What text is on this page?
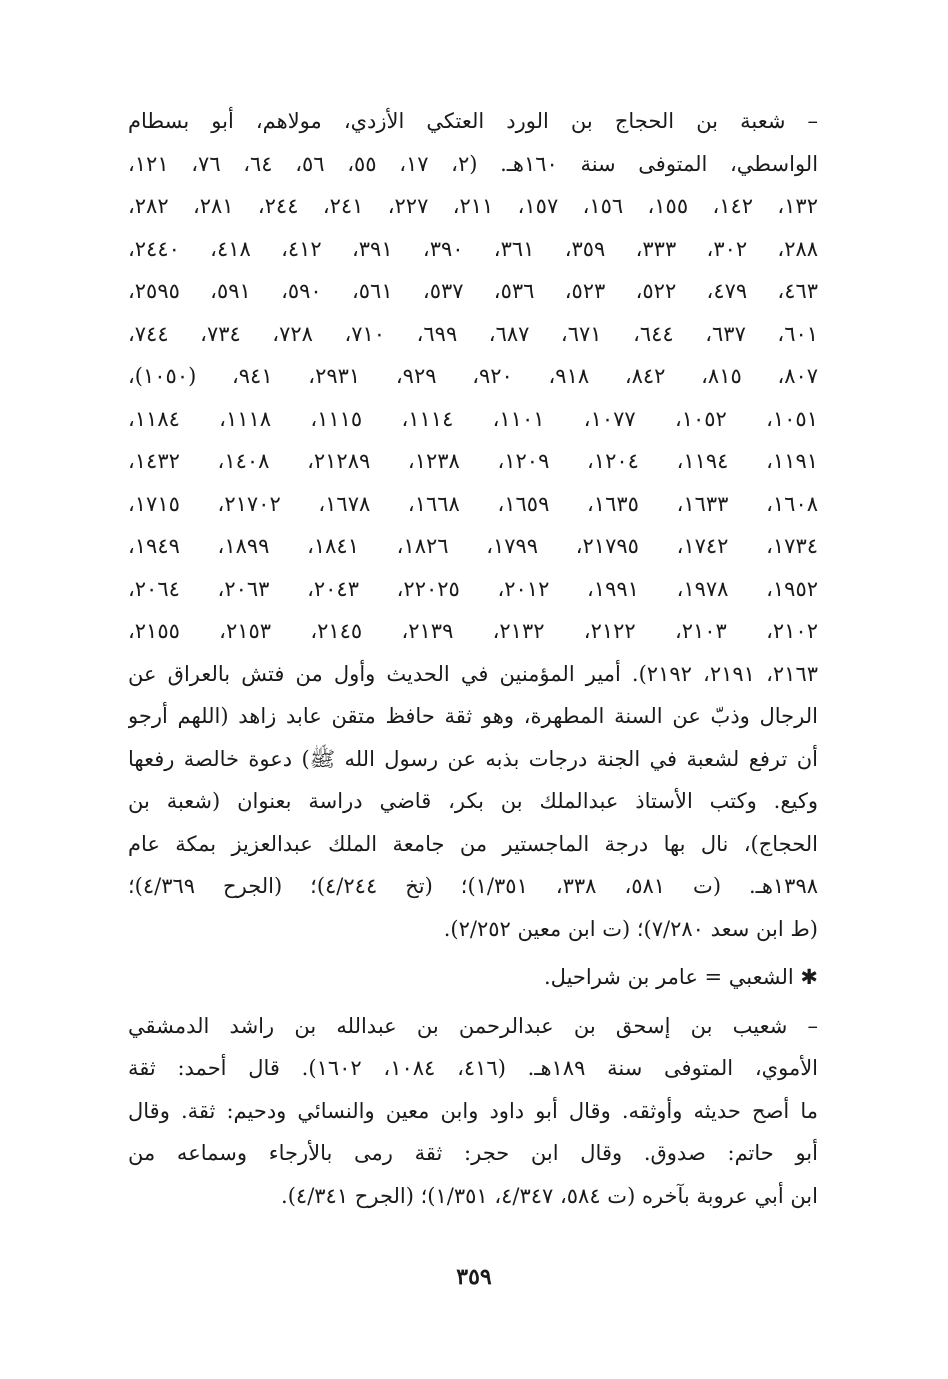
– شعبة بن الحجاج بن الورد العتكي الأزدي، مولاهم، أبو بسطام
الواسطي، المتوفى سنة ١٦٠هـ. (٢، ١٧، ٥٥، ٥٦، ٦٤، ٧٦، ١٢١،
١٣٢، ١٤٢، ١٥٥، ١٥٦، ١٥٧، ٢١١، ٢٢٧، ٢٤١، ٢٤٤، ٢٨١، ٢٨٢،
٢٨٨، ٣٠٢، ٣٣٣، ٣٥٩، ٣٦١، ٣٩٠، ٣٩١، ٤١٢، ٤١٨، ٢٤٤٠،
٤٦٣، ٤٧٩، ٥٢٢، ٥٢٣، ٥٣٦، ٥٣٧، ٥٦١، ٥٩٠، ٥٩١، ٢٥٩٥،
٦٠١، ٦٣٧، ٦٤٤، ٦٧١، ٦٨٧، ٦٩٩، ٧١٠، ٧٢٨، ٧٣٤، ٧٤٤،
٨٠٧، ٨١٥، ٨٤٢، ٩١٨، ٩٢٠، ٩٢٩، ٢٩٣١، ٩٤١، (١٠٥٠)،
١٠٥١، ١٠٥٢، ١٠٧٧، ١١٠١، ١١١٤، ١١١٥، ١١١٨، ١١٨٤،
١١٩١، ١١٩٤، ١٢٠٤، ١٢٠٩، ١٢٣٨، ٢١٢٨٩، ١٤٠٨، ١٤٣٢،
١٦٠٨، ١٦٣٣، ١٦٣٥، ١٦٥٩، ١٦٦٨، ١٦٧٨، ٢١٧٠٢، ١٧١٥،
١٧٣٤، ١٧٤٢، ٢١٧٩٥، ١٧٩٩، ١٨٢٦، ١٨٤١، ١٨٩٩، ١٩٤٩،
١٩٥٢، ١٩٧٨، ١٩٩١، ٢٠١٢، ٢٢٠٢٥، ٢٠٤٣، ٢٠٦٣، ٢٠٦٤،
٢١٠٢، ٢١٠٣، ٢١٢٢، ٢١٣٢، ٢١٣٩، ٢١٤٥، ٢١٥٣، ٢١٥٥،
٢١٦٣، ٢١٩١، ٢١٩٢). أمير المؤمنين في الحديث وأول من فتش بالعراق عن
الرجال وذبّ عن السنة المطهرة، وهو ثقة حافظ متقن عابد زاهد (اللهم أرجو
أن ترفع لشعبة في الجنة درجات بذبه عن رسول الله ﷺ) دعوة خالصة رفعها
وكيع. وكتب الأستاذ عبدالملك بن بكر، قاضي دراسة بعنوان (شعبة بن
الحجاج)، نال بها درجة الماجستير من جامعة الملك عبدالعزيز بمكة عام
١٣٩٨هـ. (ت ٥٨١، ٣٣٨، ١/٣٥١)؛ (تخ ٤/٢٤٤)؛ (الجرح ٤/٣٦٩)؛
(ط ابن سعد ٧/٢٨٠)؛ (ت ابن معين ٢/٢٥٢).
✱ الشعبي = عامر بن شراحيل.
– شعيب بن إسحق بن عبدالرحمن بن عبدالله بن راشد الدمشقي
الأموي، المتوفى سنة ١٨٩هـ. (٤١٦، ١٠٨٤، ١٦٠٢). قال أحمد: ثقة
ما أصح حديثه وأوثقه. وقال أبو داود وابن معين والنسائي ودحيم: ثقة. وقال
أبو حاتم: صدوق. وقال ابن حجر: ثقة رمى بالأرجاء وسماعه من
ابن أبي عروبة بآخره (ت ٥٨٤، ٤/٣٤٧، ١/٣٥١)؛ (الجرح ٤/٣٤١).
٣٥٩
